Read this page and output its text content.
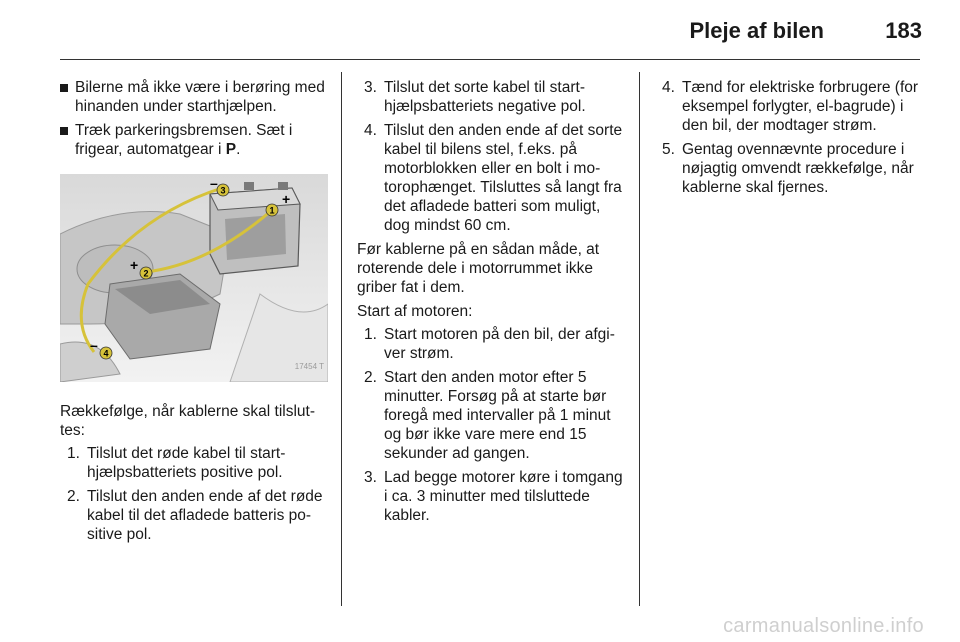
Pleje af bilen	183
Bilerne må ikke være i berøring med hinanden under starthjælpen.
Træk parkeringsbremsen. Sæt i frigear, automatgear i P.
1
2
3
4
+
+
–
–
17454 T
Rækkefølge, når kablerne skal tilsluttes:
1. Tilslut det røde kabel til starthjælpsbatteriets positive pol.
2. Tilslut den anden ende af det røde kabel til det afladede batteris positive pol.
3. Tilslut det sorte kabel til starthjælpsbatteriets negative pol.
4. Tilslut den anden ende af det sorte kabel til bilens stel, f.eks. på motorblokken eller en bolt i motorophænget. Tilsluttes så langt fra det afladede batteri som muligt, dog mindst 60 cm.
Før kablerne på en sådan måde, at roterende dele i motorrummet ikke griber fat i dem.
Start af motoren:
1. Start motoren på den bil, der afgiver strøm.
2. Start den anden motor efter 5 minutter. Forsøg på at starte bør foregå med intervaller på 1 minut og bør ikke vare mere end 15 sekunder ad gangen.
3. Lad begge motorer køre i tomgang i ca. 3 minutter med tilsluttede kabler.
4. Tænd for elektriske forbrugere (for eksempel forlygter, el-bagrude) i den bil, der modtager strøm.
5. Gentag ovennævnte procedure i nøjagtig omvendt rækkefølge, når kablerne skal fjernes.
carmanualsonline.info
